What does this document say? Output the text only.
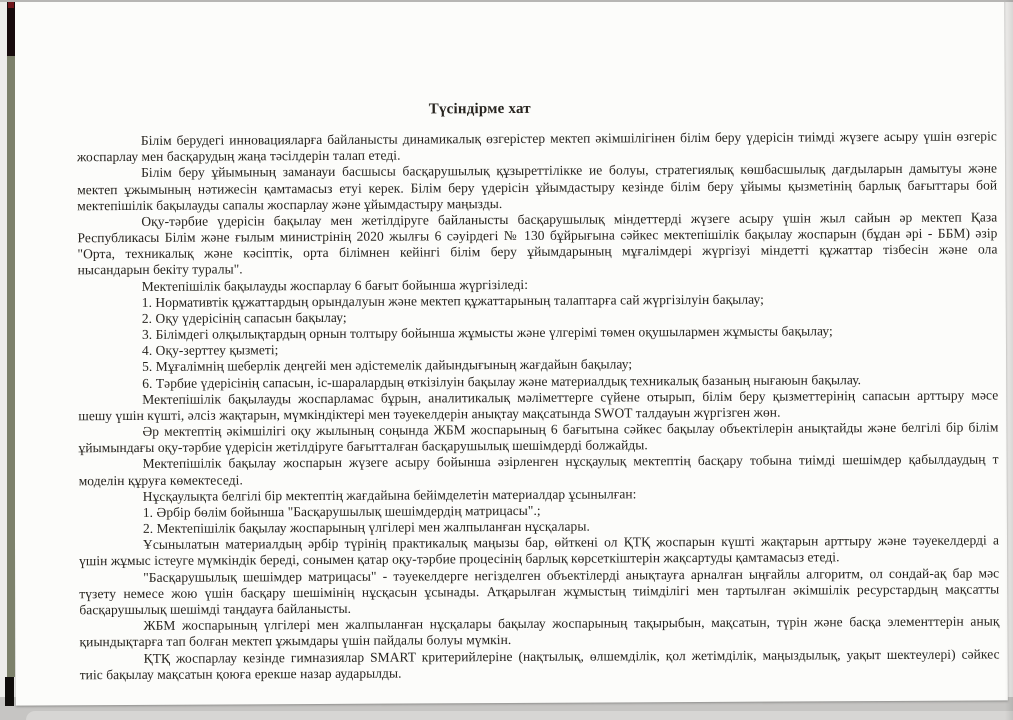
Түсіндірме хат
Білім берудегі инновацияларға байланысты динамикалық өзгерістер мектеп әкімшілігінен білім беру үдерісін тиімді жүзеге асыру үшін өзгеріс
жоспарлау мен басқарудың жаңа тәсілдерін талап етеді.
Білім беру ұйымының заманауи басшысы басқарушылық құзыреттілікке ие болуы, стратегиялық көшбасшылық дағдыларын дамытуы және
мектеп ұжымының нәтижесін қамтамасыз етуі керек. Білім беру үдерісін ұйымдастыру кезінде білім беру ұйымы қызметінің барлық бағыттары бой
мектепішілік бақылауды сапалы жоспарлау және ұйымдастыру маңызды.
Оқу-тәрбие үдерісін бақылау мен жетілдіруге байланысты басқарушылық міндеттерді жүзеге асыру үшін жыл сайын әр мектеп Қаза
Республикасы Білім және ғылым министрінің 2020 жылғы 6 сәуірдегі № 130 бұйрығына сәйкес мектепішілік бақылау жоспарын (бұдан әрі - ББМ) әзір
"Орта, техникалық және кәсіптік, орта білімнен кейінгі білім беру ұйымдарының мұғалімдері жүргізуі міндетті құжаттар тізбесін және ола
нысандарын бекіту туралы".
Мектепішілік бақылауды жоспарлау 6 бағыт бойынша жүргізіледі:
1. Нормативтік құжаттардың орындалуын және мектеп құжаттарының талаптарға сай жүргізілуін бақылау;
2. Оқу үдерісінің сапасын бақылау;
3. Білімдегі олқылықтардың орнын толтыру бойынша жұмысты және үлгерімі төмен оқушылармен жұмысты бақылау;
4. Оқу-зерттеу қызметі;
5. Мұғалімнің шеберлік деңгейі мен әдістемелік дайындығының жағдайын бақылау;
6. Тәрбие үдерісінің сапасын, іс-шаралардың өткізілуін бақылау және материалдық техникалық базаның нығаюын бақылау.
Мектепішілік бақылауды жоспарламас бұрын, аналитикалық мәліметтерге сүйене отырып, білім беру қызметтерінің сапасын арттыру мәсе
шешу үшін күшті, әлсіз жақтарын, мүмкіндіктері мен тәуекелдерін анықтау мақсатында SWOT талдауын жүргізген жөн.
Әр мектептің әкімшілігі оқу жылының соңында ЖБМ жоспарының 6 бағытына сәйкес бақылау объектілерін анықтайды және белгілі бір білім
ұйымындағы оқу-тәрбие үдерісін жетілдіруге бағытталған басқарушылық шешімдерді болжайды.
Мектепішілік бақылау жоспарын жүзеге асыру бойынша әзірленген нұсқаулық мектептің басқару тобына тиімді шешімдер қабылдаудың т
моделін құруға көмектеседі.
Нұсқаулықта белгілі бір мектептің жағдайына бейімделетін материалдар ұсынылған:
1. Әрбір бөлім бойынша "Басқарушылық шешімдердің матрицасы".;
2. Мектепішілік бақылау жоспарының үлгілері мен жалпыланған нұсқалары.
Ұсынылатын материалдың әрбір түрінің практикалық маңызы бар, өйткені ол ҚТҚ жоспарын күшті жақтарын арттыру және тәуекелдерді а
үшін жұмыс істеуге мүмкіндік береді, сонымен қатар оқу-тәрбие процесінің барлық көрсеткіштерін жақсартуды қамтамасыз етеді.
"Басқарушылық шешімдер матрицасы" - тәуекелдерге негізделген объектілерді анықтауға арналған ыңғайлы алгоритм, ол сондай-ақ бар мәс
түзету немесе жою үшін басқару шешімінің нұсқасын ұсынады. Атқарылған жұмыстың тиімділігі мен тартылған әкімшілік ресурстардың мақсатты
басқарушылық шешімді таңдауға байланысты.
ЖБМ жоспарының үлгілері мен жалпыланған нұсқалары бақылау жоспарының тақырыбын, мақсатын, түрін және басқа элементтерін анық
қиындықтарға тап болған мектеп ұжымдары үшін пайдалы болуы мүмкін.
ҚТҚ жоспарлау кезінде гимназиялар SMART критерийлеріне (нақтылық, өлшемділік, қол жетімділік, маңыздылық, уақыт шектеулері) сәйкес
тиіс бақылау мақсатын қоюға ерекше назар аударылды.
